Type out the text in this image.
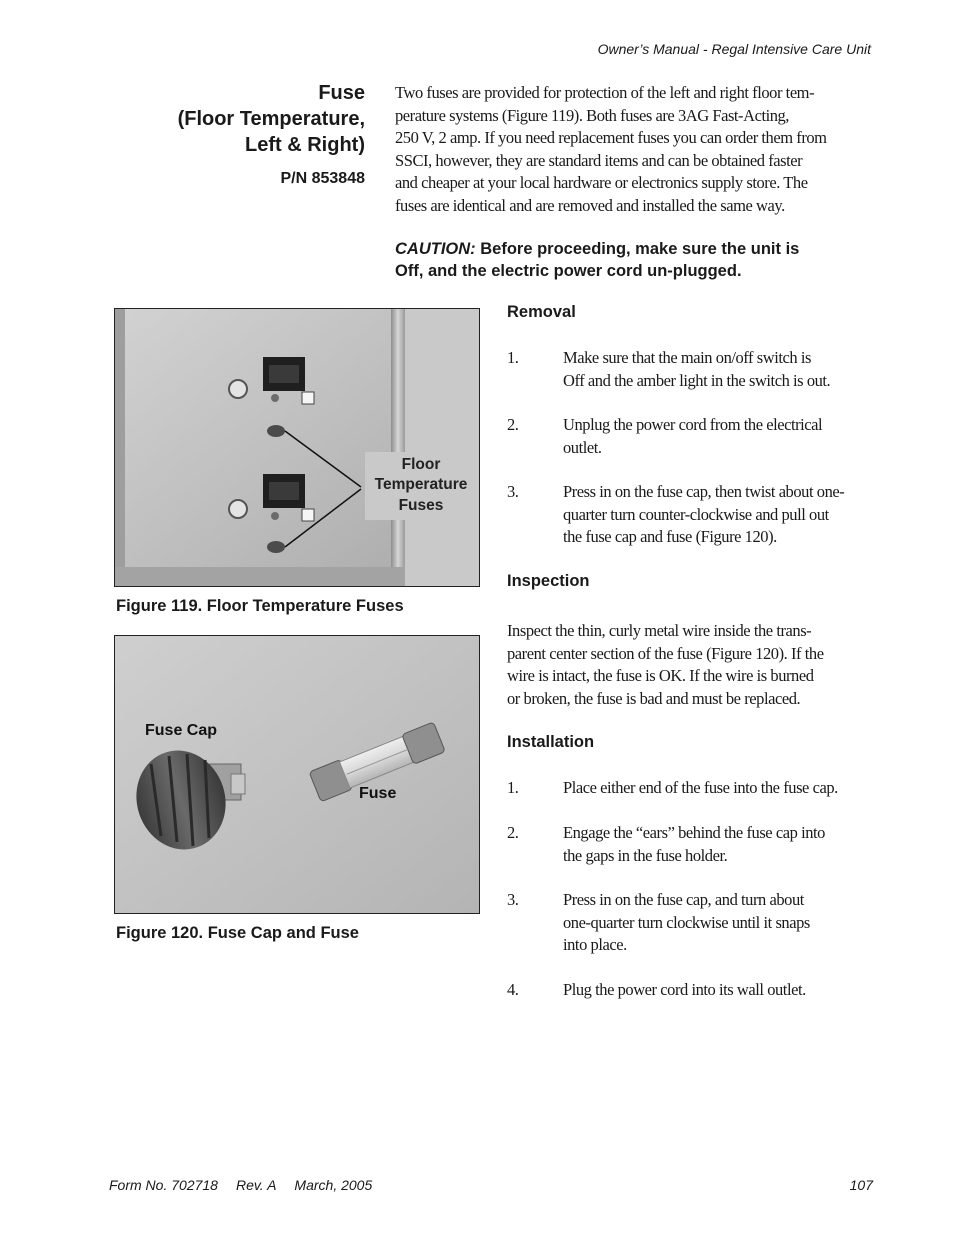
Owner’s Manual - Regal Intensive Care Unit
Fuse
(Floor Temperature,
Left & Right)
P/N 853848

Two fuses are provided for protection of the left and right floor tem-
perature systems (Figure 119). Both fuses are 3AG Fast-Acting,
250 V, 2 amp. If you need replacement fuses you can order them from
SSCI, however, they are standard items and can be obtained faster
and cheaper at your local hardware or electronics supply store. The
fuses are identical and are removed and installed the same way.

CAUTION: Before proceeding, make sure the unit is
Off, and the electric power cord un-plugged.

Floor
Temperature
Fuses
Figure 119. Floor Temperature Fuses
Fuse Cap
Fuse
Figure 120. Fuse Cap and Fuse
Removal
1.	Make sure that the main on/off switch is
Off and the amber light in the switch is out.
2.	Unplug the power cord from the electrical
outlet.
3.	Press in on the fuse cap, then twist about one-
quarter turn counter-clockwise and pull out
the fuse cap and fuse (Figure 120).
Inspection

Inspect the thin, curly metal wire inside the trans-
parent center section of the fuse (Figure 120). If the
wire is intact, the fuse is OK. If the wire is burned
or broken, the fuse is bad and must be replaced.

Installation
1.	Place either end of the fuse into the fuse cap.
2.	Engage the “ears” behind the fuse cap into
the gaps in the fuse holder.
3.	Press in on the fuse cap, and turn about
one-quarter turn clockwise until it snaps
into place.
4.	Plug the power cord into its wall outlet.
Form No. 702718 Rev. A March, 2005	107
